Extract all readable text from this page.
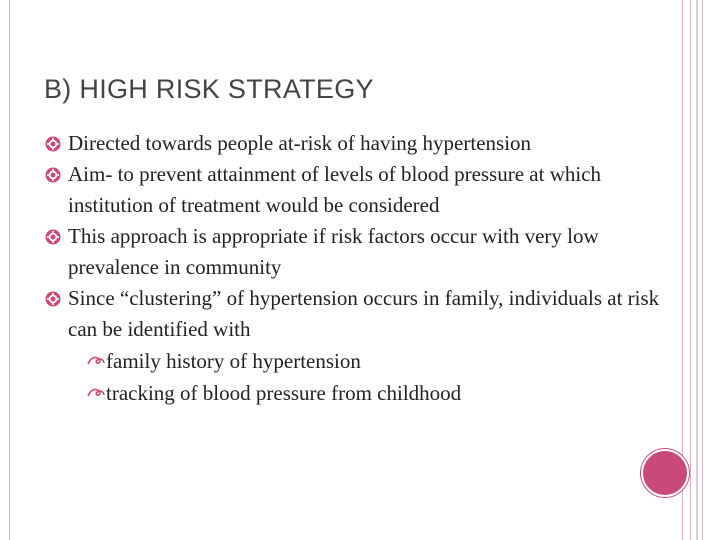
B) HIGH RISK STRATEGY
Directed towards people at-risk of having hypertension
Aim- to prevent attainment of levels of blood pressure at which institution of treatment would be considered
This approach is appropriate if risk factors occur with very low prevalence in community
Since “clustering” of hypertension occurs in family, individuals at risk can be identified with
family history of hypertension
tracking of blood pressure from childhood
